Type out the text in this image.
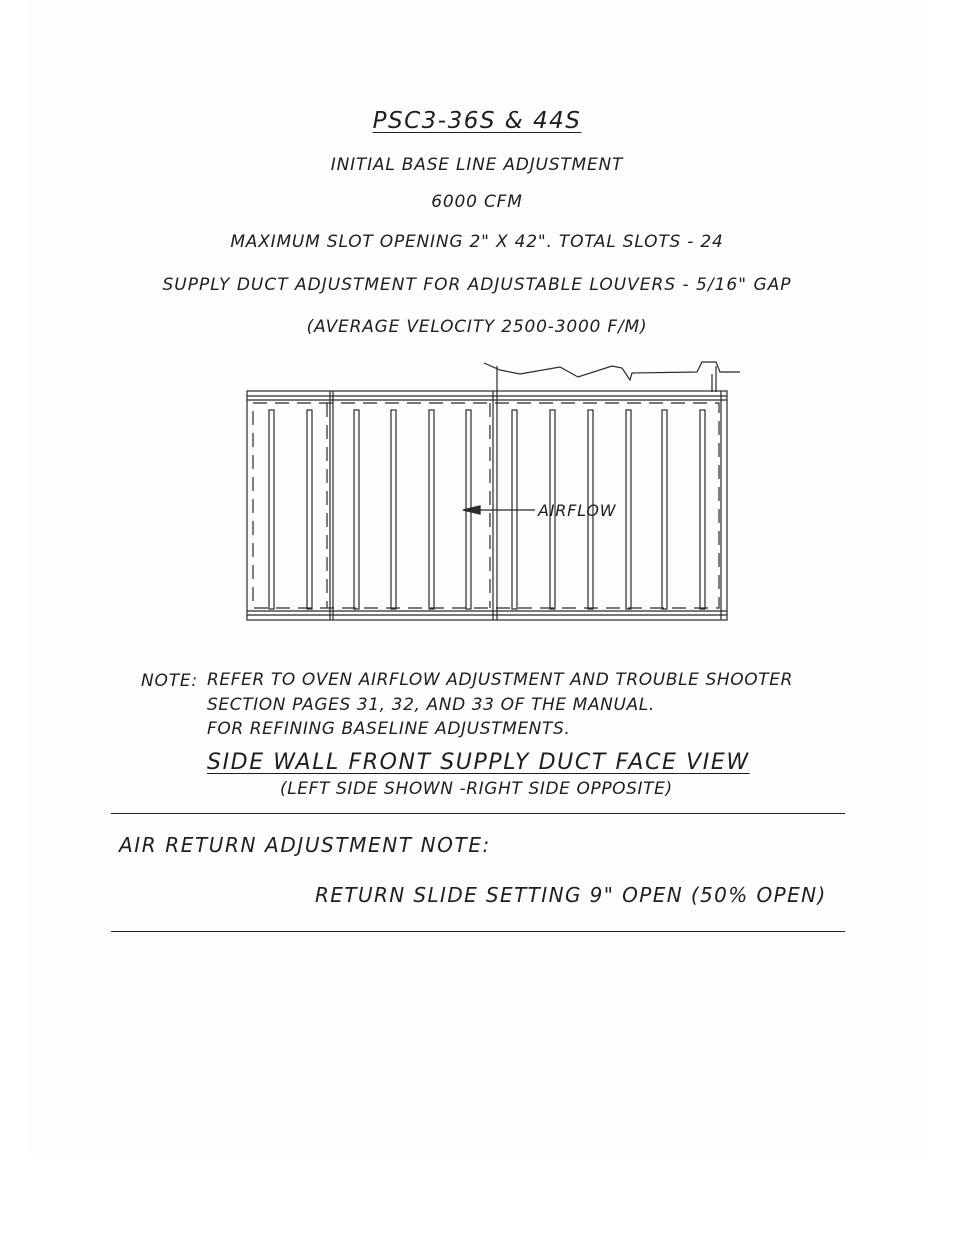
PSC3-36S & 44S
INITIAL BASE LINE ADJUSTMENT
6000 CFM
MAXIMUM SLOT OPENING 2" X 42". TOTAL SLOTS - 24
SUPPLY DUCT ADJUSTMENT FOR ADJUSTABLE LOUVERS - 5/16" GAP
(AVERAGE VELOCITY 2500-3000 F/M)
AIRFLOW
NOTE: REFER TO OVEN AIRFLOW ADJUSTMENT AND TROUBLE SHOOTER
SECTION PAGES 31, 32, AND 33 OF THE MANUAL.
FOR REFINING BASELINE ADJUSTMENTS.
SIDE WALL FRONT SUPPLY DUCT FACE VIEW
(LEFT SIDE SHOWN -RIGHT SIDE OPPOSITE)
AIR RETURN ADJUSTMENT NOTE:
RETURN SLIDE SETTING 9" OPEN (50% OPEN)
